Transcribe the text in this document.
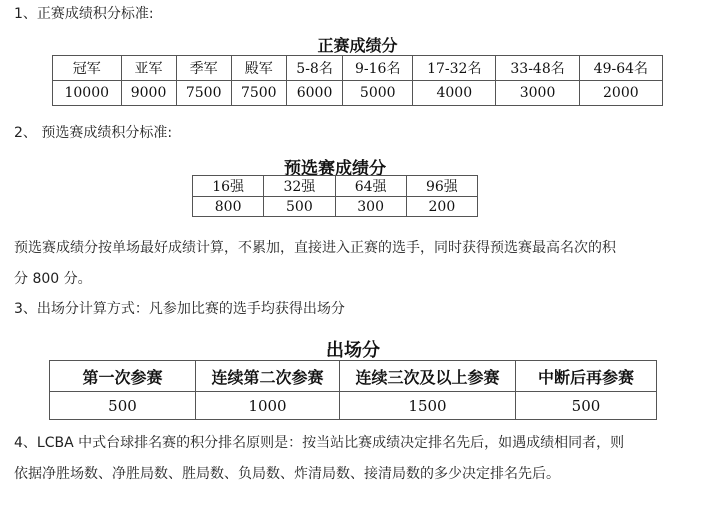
1、正赛成绩积分标准:
正赛成绩分
冠军	亚军	季军	殿军	5-8名	9-16名	17-32名	33-48名	49-64名
10000	9000	7500	7500	6000	5000	4000	3000	2000
2、 预选赛成绩积分标准:
预选赛成绩分
16强	32强	64强	96强
800	500	300	200
预选赛成绩分按单场最好成绩计算，不累加，直接进入正赛的选手，同时获得预选赛最高名次的积
分 800 分。
3、出场分计算方式：凡参加比赛的选手均获得出场分
出场分
第一次参赛	连续第二次参赛	连续三次及以上参赛	中断后再参赛
500	1000	1500	500
4、LCBA 中式台球排名赛的积分排名原则是：按当站比赛成绩决定排名先后，如遇成绩相同者，则
依据净胜场数、净胜局数、胜局数、负局数、炸清局数、接清局数的多少决定排名先后。
